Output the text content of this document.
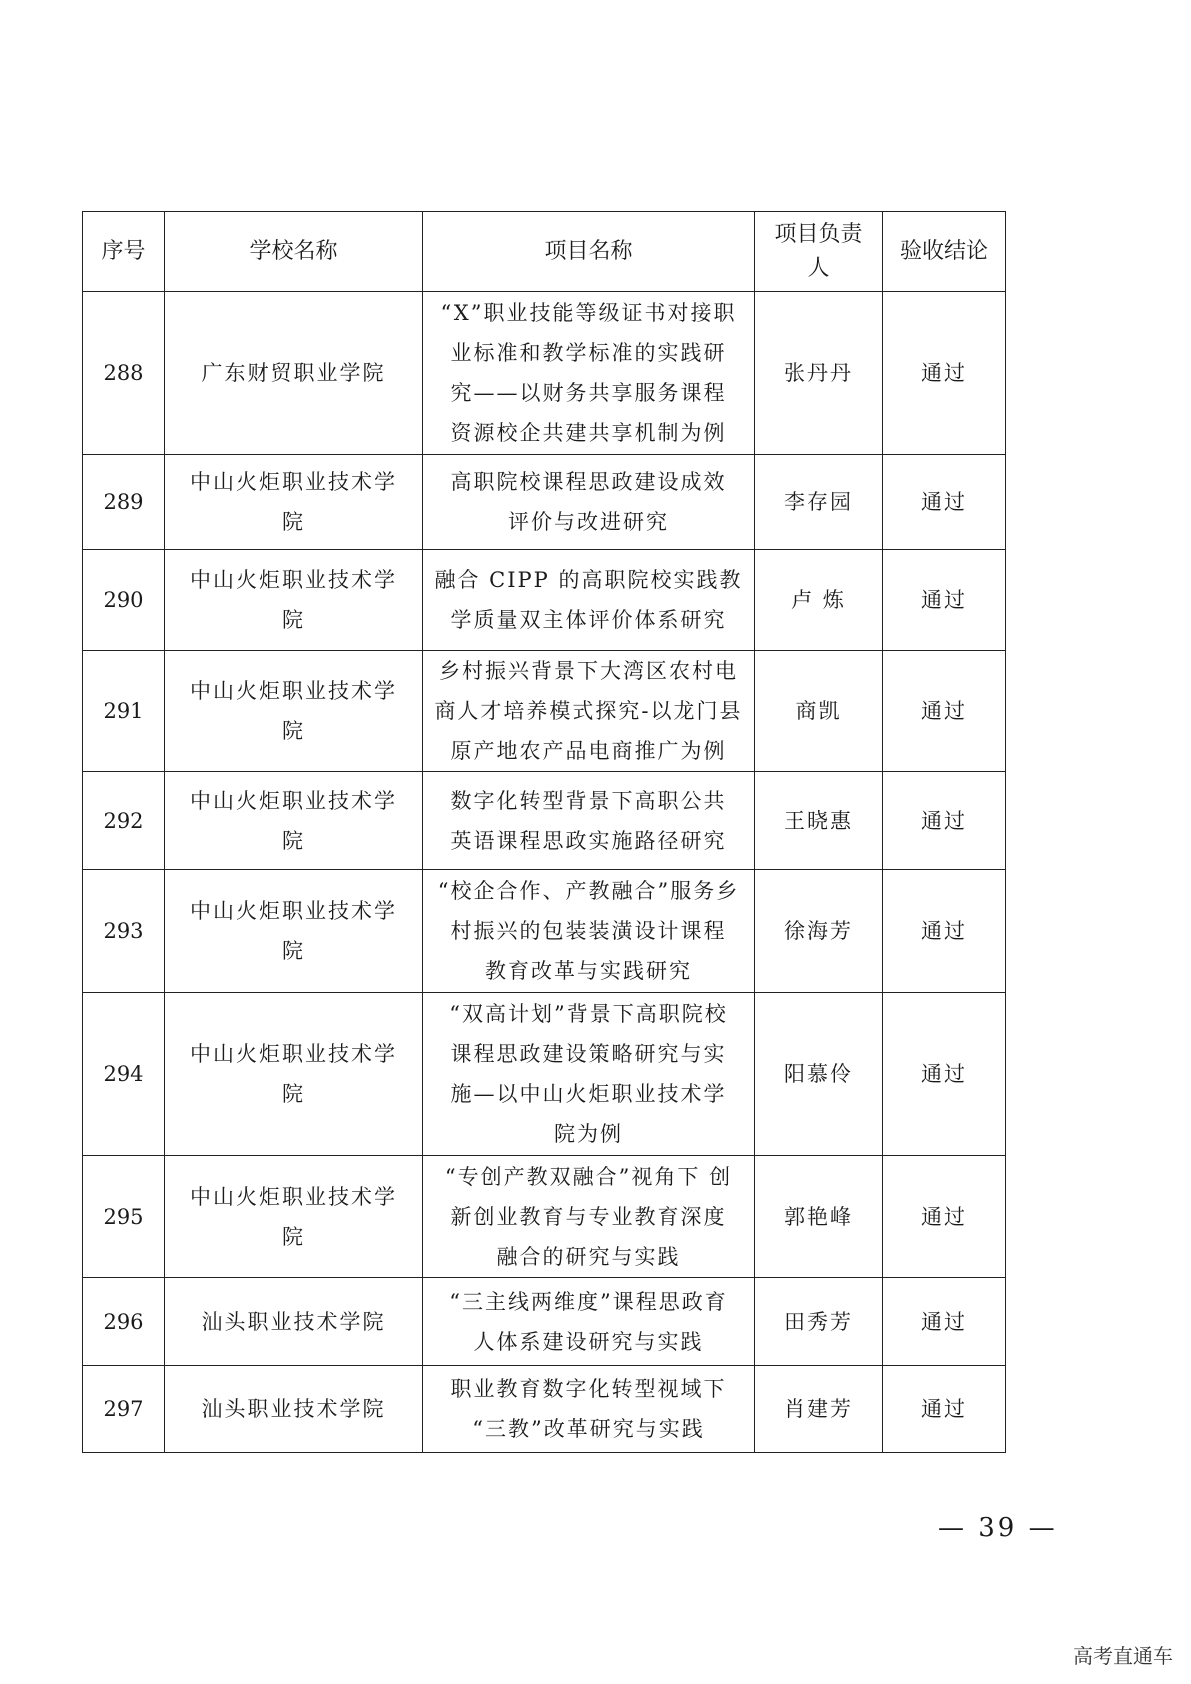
序号	学校名称	项目名称	项目负责
人	验收结论

288	广东财贸职业学院	“X”职业技能等级证书对接职
业标准和教学标准的实践研
究——以财务共享服务课程
资源校企共建共享机制为例	张丹丹	通过

289	中山火炬职业技术学
院	高职院校课程思政建设成效
评价与改进研究	李存园	通过

290	中山火炬职业技术学
院	融合 CIPP 的高职院校实践教
学质量双主体评价体系研究	卢 炼	通过

291	中山火炬职业技术学
院	乡村振兴背景下大湾区农村电
商人才培养模式探究-以龙门县
原产地农产品电商推广为例	商凯	通过

292	中山火炬职业技术学
院	数字化转型背景下高职公共
英语课程思政实施路径研究	王晓惠	通过

293	中山火炬职业技术学
院	“校企合作、产教融合”服务乡
村振兴的包装装潢设计课程
教育改革与实践研究	徐海芳	通过

294	中山火炬职业技术学
院	“双高计划”背景下高职院校
课程思政建设策略研究与实
施—以中山火炬职业技术学
院为例	阳慕伶	通过

295	中山火炬职业技术学
院	“专创产教双融合”视角下 创
新创业教育与专业教育深度
融合的研究与实践	郭艳峰	通过

296	汕头职业技术学院	“三主线两维度”课程思政育
人体系建设研究与实践	田秀芳	通过

297	汕头职业技术学院	职业教育数字化转型视域下
“三教”改革研究与实践	肖建芳	通过
— 39 —
高考直通车
